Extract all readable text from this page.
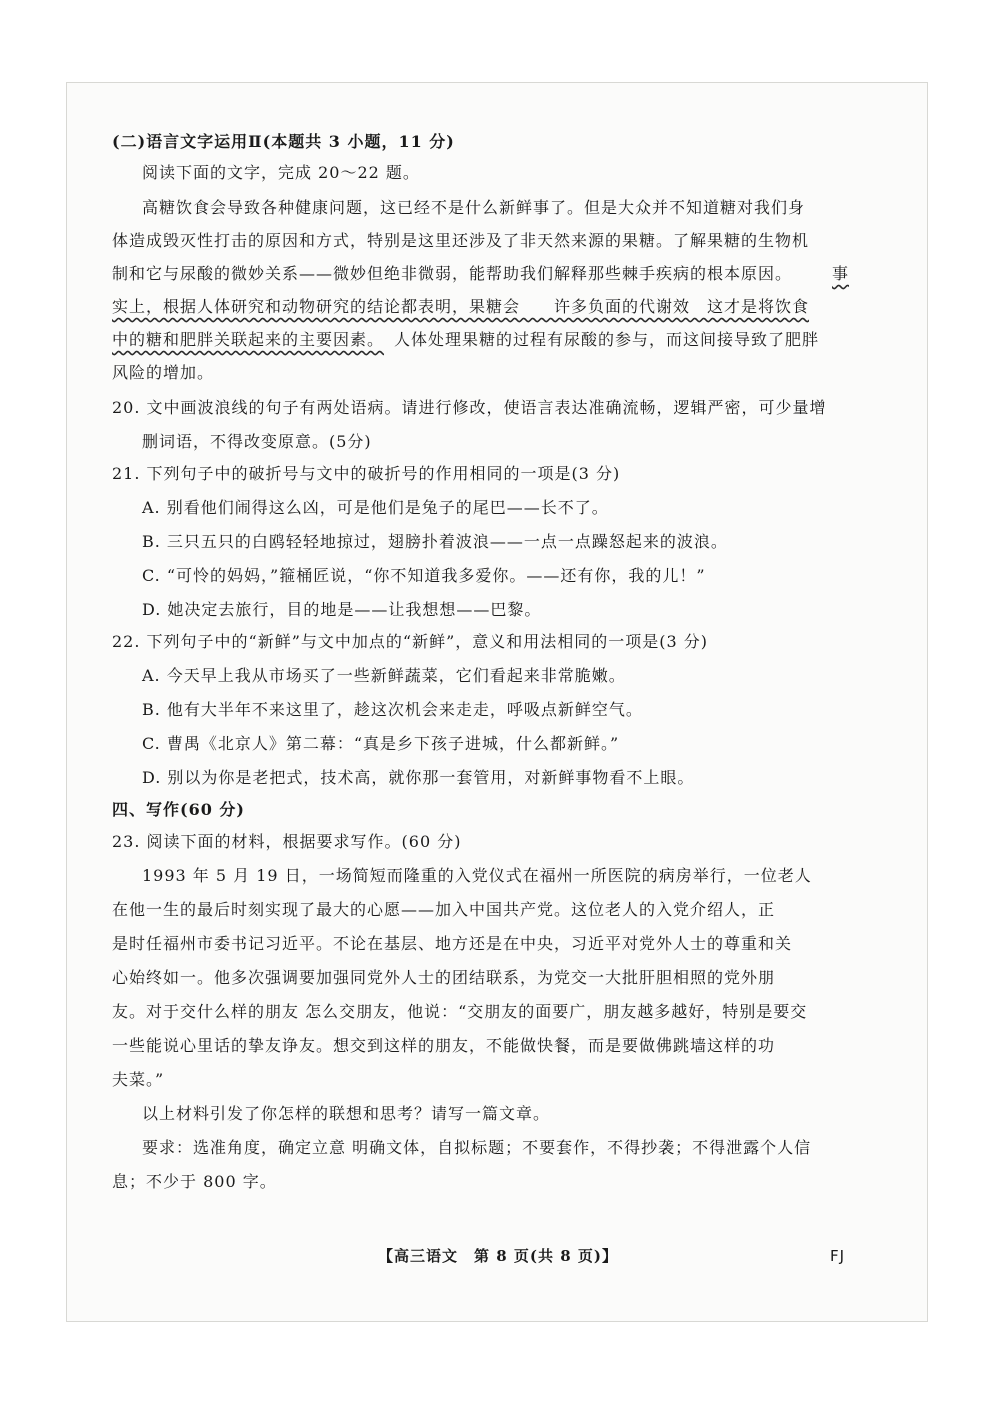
(二)语言文字运用Ⅱ(本题共 3 小题，11 分)
阅读下面的文字，完成 20～22 题。
高糖饮食会导致各种健康问题，这已经不是什么新鲜事了。但是大众并不知道糖对我们身
体造成毁灭性打击的原因和方式，特别是这里还涉及了非天然来源的果糖。了解果糖的生物机
制和它与尿酸的微妙关系——微妙但绝非微弱，能帮助我们解释那些棘手疾病的根本原因。 事
实上，根据人体研究和动物研究的结论都表明，果糖会　　许多负面的代谢效　这才是将饮食
中的糖和肥胖关联起来的主要因素。 人体处理果糖的过程有尿酸的参与，而这间接导致了肥胖
风险的增加。
20. 文中画波浪线的句子有两处语病。请进行修改，使语言表达准确流畅，逻辑严密，可少量增
删词语，不得改变原意。(5分)
21. 下列句子中的破折号与文中的破折号的作用相同的一项是(3 分)
A. 别看他们闹得这么凶，可是他们是兔子的尾巴——长不了。
B. 三只五只的白鸥轻轻地掠过，翅膀扑着波浪——一点一点躁怒起来的波浪。
C. “可怜的妈妈，”箍桶匠说，“你不知道我多爱你。——还有你，我的儿！”
D. 她决定去旅行，目的地是——让我想想——巴黎。
22. 下列句子中的“新鲜”与文中加点的“新鲜”，意义和用法相同的一项是(3 分)
A. 今天早上我从市场买了一些新鲜蔬菜，它们看起来非常脆嫩。
B. 他有大半年不来这里了，趁这次机会来走走，呼吸点新鲜空气。
C. 曹禺《北京人》第二幕：“真是乡下孩子进城，什么都新鲜。”
D. 别以为你是老把式，技术高，就你那一套管用，对新鲜事物看不上眼。
四、写作(60 分)
23. 阅读下面的材料，根据要求写作。(60 分)
1993 年 5 月 19 日，一场简短而隆重的入党仪式在福州一所医院的病房举行，一位老人
在他一生的最后时刻实现了最大的心愿——加入中国共产党。这位老人的入党介绍人，正
是时任福州市委书记习近平。不论在基层、地方还是在中央，习近平对党外人士的尊重和关
心始终如一。他多次强调要加强同党外人士的团结联系，为党交一大批肝胆相照的党外朋
友。对于交什么样的朋友 怎么交朋友，他说：“交朋友的面要广，朋友越多越好，特别是要交
一些能说心里话的挚友诤友。想交到这样的朋友，不能做快餐，而是要做佛跳墙这样的功
夫菜。”
以上材料引发了你怎样的联想和思考？请写一篇文章。
要求：选准角度，确定立意 明确文体，自拟标题；不要套作，不得抄袭；不得泄露个人信
息；不少于 800 字。
【高三语文　第 8 页(共 8 页)】	FJ
